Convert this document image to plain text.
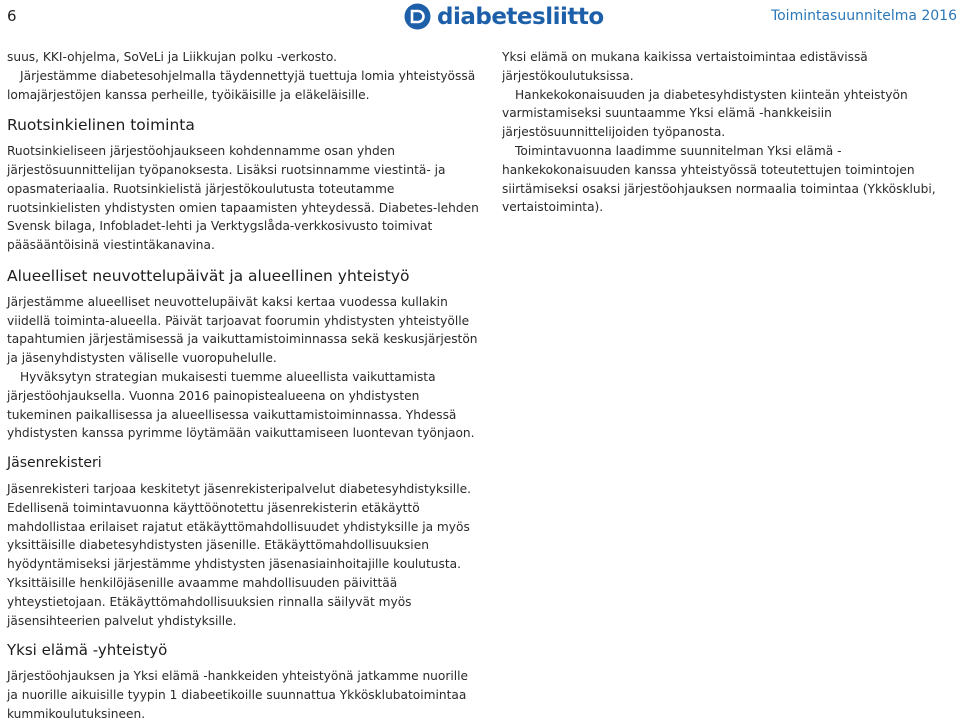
6	diabetesliitto	Toimintasuunnitelma 2016

suus, KKI-ohjelma, SoVeLi ja Liikkujan polku -verkosto.

Järjestämme diabetesohjelmalla täydennettyjä tuettuja lomia yhteistyössä lomajärjestöjen kanssa perheille, työikäisille ja eläkeläisille.

Ruotsinkielinen toiminta

Ruotsinkieliseen järjestöohjaukseen kohdennamme osan yhden järjestösuunnittelijan työpanoksesta. Lisäksi ruotsinnamme viestintä- ja opasmateriaalia. Ruotsinkielistä järjestökoulutusta toteutamme ruotsinkielisten yhdistysten omien tapaamisten yhteydessä. Diabetes-lehden Svensk bilaga, Infobladet-lehti ja Verktygslåda-verkkosivusto toimivat pääsääntöisinä viestintäkanavina.

Alueelliset neuvottelupäivät ja alueellinen yhteistyö

Järjestämme alueelliset neuvottelupäivät kaksi kertaa vuodessa kullakin viidellä toiminta-alueella. Päivät tarjoavat foorumin yhdistysten yhteistyölle tapahtumien järjestämisessä ja vaikuttamistoiminnassa sekä keskusjärjestön ja jäsenyhdistysten väliselle vuoropuhelulle.

Hyväksytyn strategian mukaisesti tuemme alueellista vaikuttamista järjestöohjauksella. Vuonna 2016 painopistealueena on yhdistysten tukeminen paikallisessa ja alueellisessa vaikuttamistoiminnassa. Yhdessä yhdistysten kanssa pyrimme löytämään vaikuttamiseen luontevan työnjaon.

Jäsenrekisteri

Jäsenrekisteri tarjoaa keskitetyt jäsenrekisteripalvelut diabetesyhdistyksille. Edellisenä toimintavuonna käyttöönotettu jäsenrekisterin etäkäyttö mahdollistaa erilaiset rajatut etäkäyttömahdollisuudet yhdistyksille ja myös yksittäisille diabetesyhdistysten jäsenille. Etäkäyttömahdollisuuksien hyödyntämiseksi järjestämme yhdistysten jäsenasiainhoitajille koulutusta. Yksittäisille henkilöjäsenille avaamme mahdollisuuden päivittää yhteystietojaan. Etäkäyttömahdollisuuksien rinnalla säilyvät myös jäsensihteerien palvelut yhdistyksille.

Yksi elämä -yhteistyö

Järjestöohjauksen ja Yksi elämä -hankkeiden yhteistyönä jatkamme nuorille ja nuorille aikuisille tyypin 1 diabeetikoille suunnattua Ykkösklubatoimintaa kummikoulutuksineen.

Yksi elämä on mukana kaikissa vertaistoimintaa edistävissä järjestökoulutuksissa.

Hankekokonaisuuden ja diabetesyhdistysten kiinteän yhteistyön varmistamiseksi suuntaamme Yksi elämä -hankkeisiin järjestösuunnittelijoiden työpanosta.

Toimintavuonna laadimme suunnitelman Yksi elämä -hankekokonaisuuden kanssa yhteistyössä toteutettujen toimintojen siirtämiseksi osaksi järjestöohjauksen normaalia toimintaa (Ykkösklubi, vertaistoiminta).
